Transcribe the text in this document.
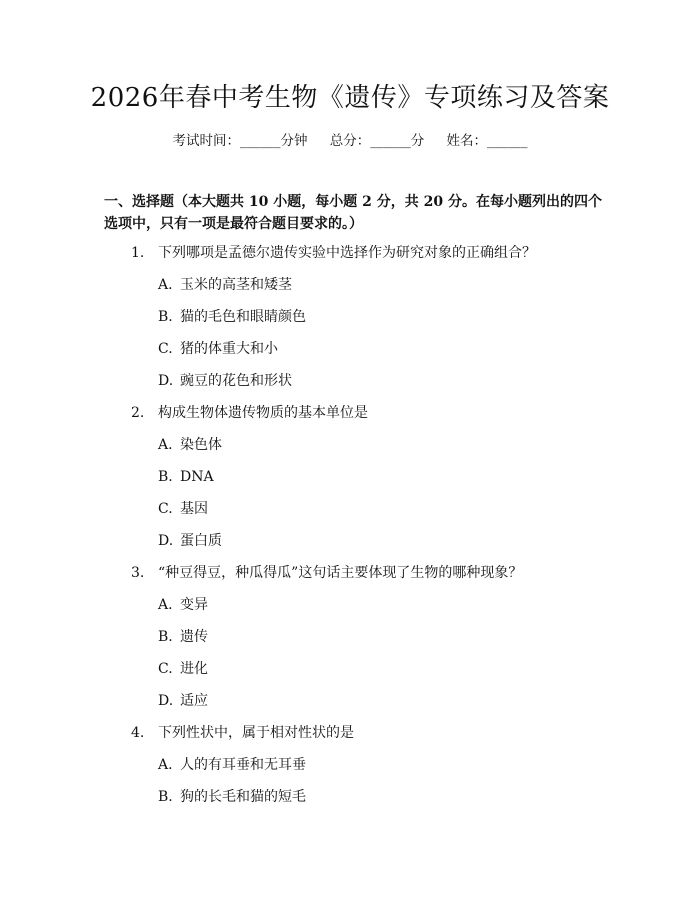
2026年春中考生物《遗传》专项练习及答案
考试时间：______分钟 总分：______分 姓名：______
一、选择题（本大题共 10 小题，每小题 2 分，共 20 分。在每小题列出的四个选项中，只有一项是最符合题目要求的。）
1. 下列哪项是孟德尔遗传实验中选择作为研究对象的正确组合？
A. 玉米的高茎和矮茎
B. 猫的毛色和眼睛颜色
C. 猪的体重大和小
D. 豌豆的花色和形状
2. 构成生物体遗传物质的基本单位是
A. 染色体
B. DNA
C. 基因
D. 蛋白质
3. “种豆得豆，种瓜得瓜”这句话主要体现了生物的哪种现象？
A. 变异
B. 遗传
C. 进化
D. 适应
4. 下列性状中，属于相对性状的是
A. 人的有耳垂和无耳垂
B. 狗的长毛和猫的短毛
